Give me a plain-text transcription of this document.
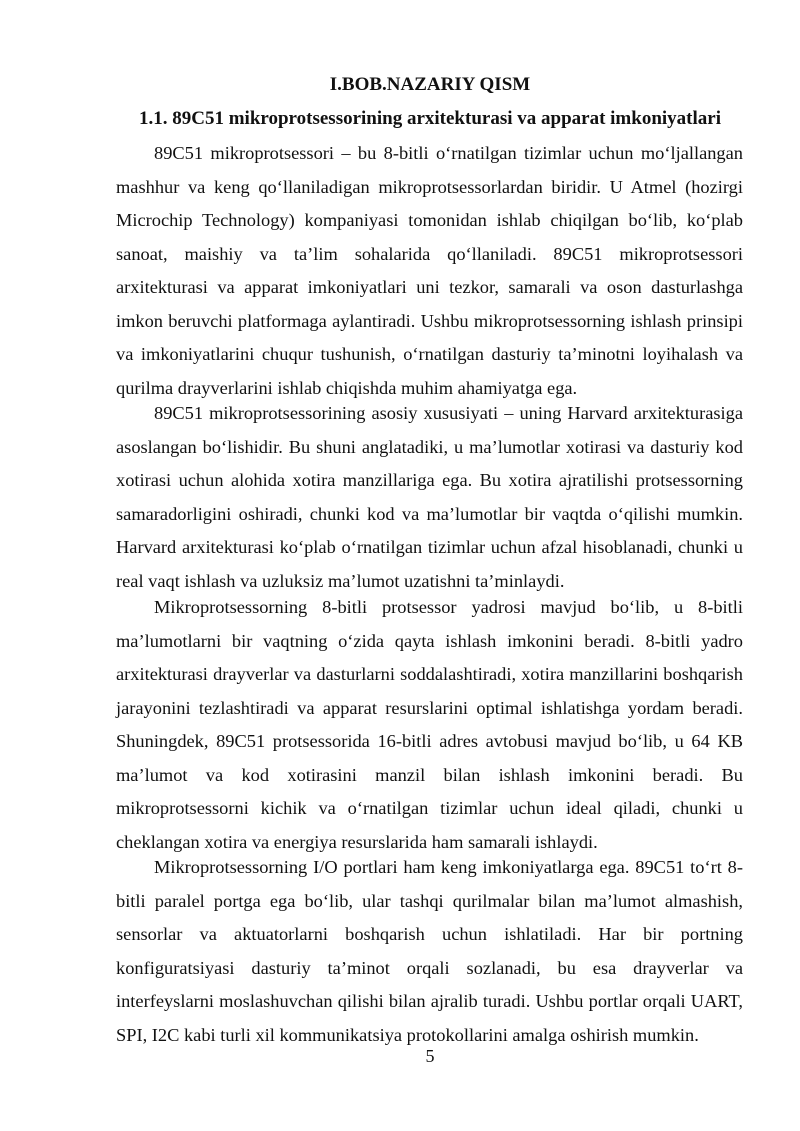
I.BOB.NAZARIY QISM
1.1. 89C51 mikroprotsessorining arxitekturasi va apparat imkoniyatlari

89C51 mikroprotsessori – bu 8-bitli o‘rnatilgan tizimlar uchun mo‘ljallangan mashhur va keng qo‘llaniladigan mikroprotsessorlardan biridir. U Atmel (hozirgi Microchip Technology) kompaniyasi tomonidan ishlab chiqilgan bo‘lib, ko‘plab sanoat, maishiy va ta’lim sohalarida qo‘llaniladi. 89C51 mikroprotsessori arxitekturasi va apparat imkoniyatlari uni tezkor, samarali va oson dasturlashga imkon beruvchi platformaga aylantiradi. Ushbu mikroprotsessorning ishlash prinsipi va imkoniyatlarini chuqur tushunish, o‘rnatilgan dasturiy ta’minotni loyihalash va qurilma drayverlarini ishlab chiqishda muhim ahamiyatga ega.

89C51 mikroprotsessorining asosiy xususiyati – uning Harvard arxitekturasiga asoslangan bo‘lishidir. Bu shuni anglatadiki, u ma’lumotlar xotirasi va dasturiy kod xotirasi uchun alohida xotira manzillariga ega. Bu xotira ajratilishi protsessorning samaradorligini oshiradi, chunki kod va ma’lumotlar bir vaqtda o‘qilishi mumkin. Harvard arxitekturasi ko‘plab o‘rnatilgan tizimlar uchun afzal hisoblanadi, chunki u real vaqt ishlash va uzluksiz ma’lumot uzatishni ta’minlaydi.

Mikroprotsessorning 8-bitli protsessor yadrosi mavjud bo‘lib, u 8-bitli ma’lumotlarni bir vaqtning o‘zida qayta ishlash imkonini beradi. 8-bitli yadro arxitekturasi drayverlar va dasturlarni soddalashtiradi, xotira manzillarini boshqarish jarayonini tezlashtiradi va apparat resurslarini optimal ishlatishga yordam beradi. Shuningdek, 89C51 protsessorida 16-bitli adres avtobusi mavjud bo‘lib, u 64 KB ma’lumot va kod xotirasini manzil bilan ishlash imkonini beradi. Bu mikroprotsessorni kichik va o‘rnatilgan tizimlar uchun ideal qiladi, chunki u cheklangan xotira va energiya resurslarida ham samarali ishlaydi.

Mikroprotsessorning I/O portlari ham keng imkoniyatlarga ega. 89C51 to‘rt 8-bitli paralel portga ega bo‘lib, ular tashqi qurilmalar bilan ma’lumot almashish, sensorlar va aktuatorlarni boshqarish uchun ishlatiladi. Har bir portning konfiguratsiyasi dasturiy ta’minot orqali sozlanadi, bu esa drayverlar va interfeyslarni moslashuvchan qilishi bilan ajralib turadi. Ushbu portlar orqali UART, SPI, I2C kabi turli xil kommunikatsiya protokollarini amalga oshirish mumkin.

5
